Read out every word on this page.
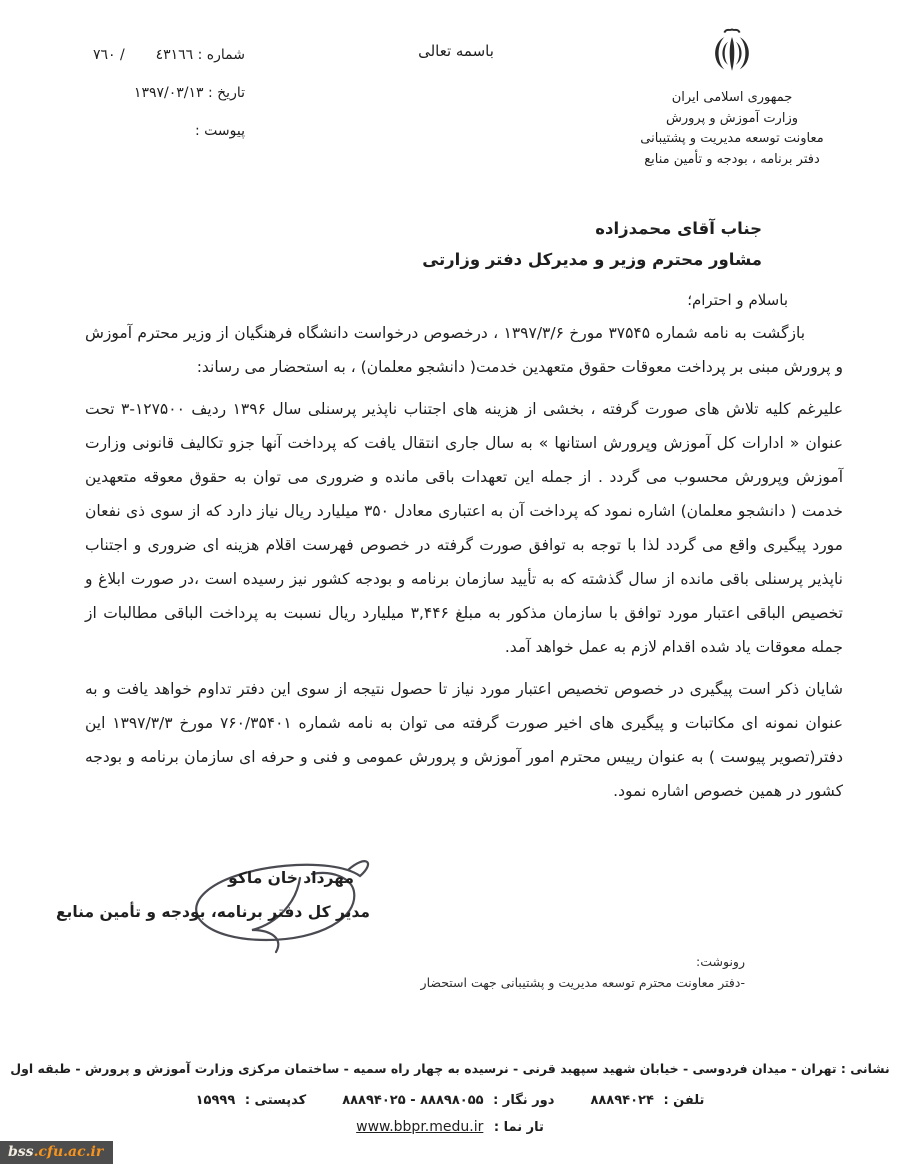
باسمه تعالی
جمهوری اسلامی ایران
وزارت آموزش و پرورش
معاونت توسعه مدیریت و پشتیبانی
دفتر برنامه ، بودجه و تأمین منابع
شماره : ٤٣١٦٦
/ ٧٦٠
تاریخ : ۱۳۹۷/۰۳/۱۳
پیوست :
جناب آقای محمدزاده
مشاور محترم وزیر و مدیرکل دفتر وزارتی
باسلام و احترام؛

بازگشت به نامه شماره ۳۷۵۴۵ مورخ ۱۳۹۷/۳/۶ ، درخصوص درخواست دانشگاه فرهنگیان از وزیر محترم آموزش و پرورش مبنی بر پرداخت معوقات حقوق متعهدین خدمت( دانشجو معلمان) ، به استحضار می رساند:

علیرغم کلیه تلاش های صورت گرفته ، بخشی از هزینه های اجتناب ناپذیر پرسنلی سال ۱۳۹۶ ردیف ۱۲۷۵۰۰-۳ تحت عنوان « ادارات کل آموزش وپرورش استانها » به سال جاری انتقال یافت که پرداخت آنها جزو تکالیف قانونی وزارت آموزش وپرورش محسوب می گردد . از جمله این تعهدات باقی مانده و ضروری می توان به حقوق معوقه متعهدین خدمت ( دانشجو معلمان) اشاره نمود که پرداخت آن به اعتباری معادل ۳۵۰ میلیارد ریال نیاز دارد که از سوی ذی نفعان مورد پیگیری واقع می گردد لذا با توجه به توافق صورت گرفته در خصوص فهرست اقلام هزینه ای ضروری و اجتناب ناپذیر پرسنلی باقی مانده از سال گذشته که به تأیید سازمان برنامه و بودجه کشور نیز رسیده است ،در صورت ابلاغ و تخصیص الباقی اعتبار مورد توافق با سازمان مذکور به مبلغ ۳,۴۴۶ میلیارد ریال نسبت به پرداخت الباقی مطالبات از جمله معوقات یاد شده اقدام لازم به عمل خواهد آمد.

شایان ذکر است پیگیری در خصوص تخصیص اعتبار مورد نیاز تا حصول نتیجه از سوی این دفتر تداوم خواهد یافت و به عنوان نمونه ای مکاتبات و پیگیری های اخیر صورت گرفته می توان به نامه شماره ۷۶۰/۳۵۴۰۱ مورخ ۱۳۹۷/۳/۳ این دفتر(تصویر پیوست ) به عنوان رییس محترم امور آموزش و پرورش عمومی و فنی و حرفه ای سازمان برنامه و بودجه کشور در همین خصوص اشاره نمود.

مهرداد خان ماکو
مدیر کل دفتر برنامه، بودجه و تأمین منابع
رونوشت:
-دفتر معاونت محترم توسعه مدیریت و پشتیبانی جهت استحضار
نشانی : تهران - میدان فردوسی - خیابان شهید سپهبد قرنی - نرسیده به چهار راه سمیه - ساختمان مرکزی وزارت آموزش و پرورش - طبقه اول
تلفن : ۸۸۸۹۴۰۲۴
دور نگار : ۸۸۸۹۸۰۵۵ - ۸۸۸۹۴۰۲۵
کدپستی : ۱۵۹۹۹
تار نما : www.bbpr.medu.ir
bss.cfu.ac.ir
